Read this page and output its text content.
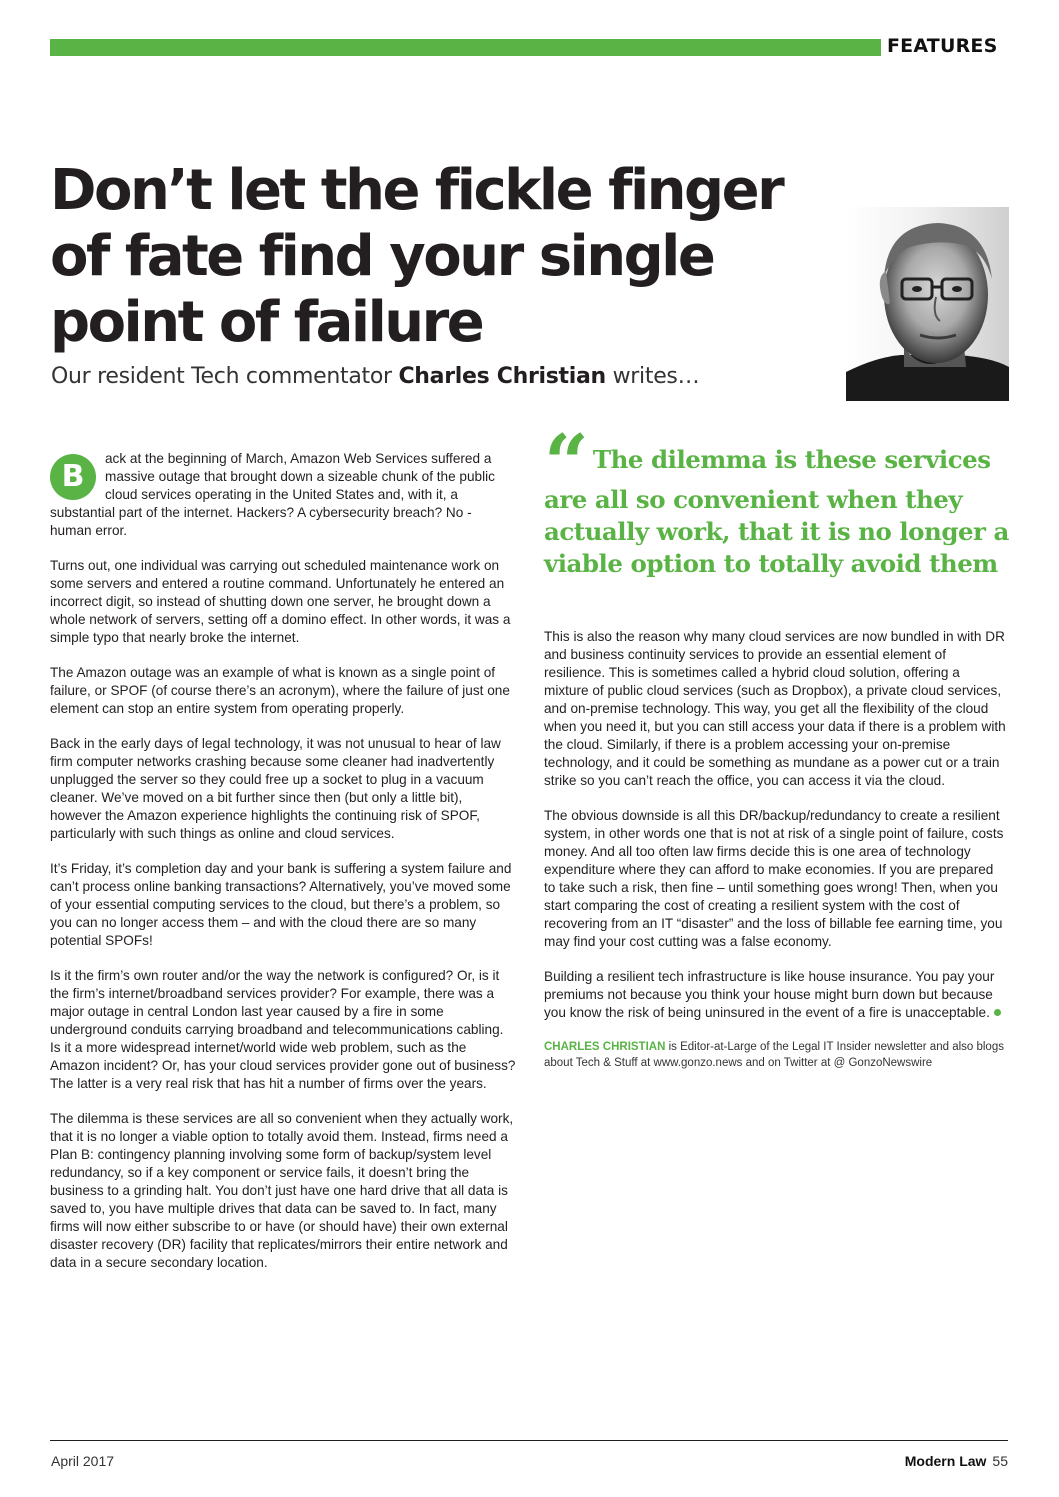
FEATURES
Don’t let the fickle finger
of fate find your single
point of failure
Our resident Tech commentator Charles Christian writes…

B
ack at the beginning of March, Amazon Web Services suffered a massive outage that brought down a sizeable chunk of the public cloud services operating in the United States and, with it, a substantial part of the internet. Hackers? A cybersecurity breach? No - human error.

Turns out, one individual was carrying out scheduled maintenance work on some servers and entered a routine command. Unfortunately he entered an incorrect digit, so instead of shutting down one server, he brought down a whole network of servers, setting off a domino effect. In other words, it was a simple typo that nearly broke the internet.

The Amazon outage was an example of what is known as a single point of failure, or SPOF (of course there’s an acronym), where the failure of just one element can stop an entire system from operating properly.

Back in the early days of legal technology, it was not unusual to hear of law firm computer networks crashing because some cleaner had inadvertently unplugged the server so they could free up a socket to plug in a vacuum cleaner. We’ve moved on a bit further since then (but only a little bit), however the Amazon experience highlights the continuing risk of SPOF, particularly with such things as online and cloud services.

It’s Friday, it’s completion day and your bank is suffering a system failure and can’t process online banking transactions? Alternatively, you’ve moved some of your essential computing services to the cloud, but there’s a problem, so you can no longer access them – and with the cloud there are so many potential SPOFs!

Is it the firm’s own router and/or the way the network is configured? Or, is it the firm’s internet/broadband services provider? For example, there was a major outage in central London last year caused by a fire in some underground conduits carrying broadband and telecommunications cabling. Is it a more widespread internet/world wide web problem, such as the Amazon incident? Or, has your cloud services provider gone out of business? The latter is a very real risk that has hit a number of firms over the years.

The dilemma is these services are all so convenient when they actually work, that it is no longer a viable option to totally avoid them. Instead, firms need a Plan B: contingency planning involving some form of backup/system level redundancy, so if a key component or service fails, it doesn’t bring the business to a grinding halt. You don’t just have one hard drive that all data is saved to, you have multiple drives that data can be saved to. In fact, many firms will now either subscribe to or have (or should have) their own external disaster recovery (DR) facility that replicates/mirrors their entire network and data in a secure secondary location.

“ The dilemma is these services
are all so convenient when they
actually work, that it is no longer a
viable option to totally avoid them

This is also the reason why many cloud services are now bundled in with DR and business continuity services to provide an essential element of resilience. This is sometimes called a hybrid cloud solution, offering a mixture of public cloud services (such as Dropbox), a private cloud services, and on-premise technology. This way, you get all the flexibility of the cloud when you need it, but you can still access your data if there is a problem with the cloud. Similarly, if there is a problem accessing your on-premise technology, and it could be something as mundane as a power cut or a train strike so you can’t reach the office, you can access it via the cloud.

The obvious downside is all this DR/backup/redundancy to create a resilient system, in other words one that is not at risk of a single point of failure, costs money. And all too often law firms decide this is one area of technology expenditure where they can afford to make economies. If you are prepared to take such a risk, then fine – until something goes wrong! Then, when you start comparing the cost of creating a resilient system with the cost of recovering from an IT “disaster” and the loss of billable fee earning time, you may find your cost cutting was a false economy.

Building a resilient tech infrastructure is like house insurance. You pay your premiums not because you think your house might burn down but because you know the risk of being uninsured in the event of a fire is unacceptable.

CHARLES CHRISTIAN is Editor-at-Large of the Legal IT Insider newsletter and also blogs about Tech & Stuff at www.gonzo.news and on Twitter at @ GonzoNewswire

April 2017	Modern Law 55
